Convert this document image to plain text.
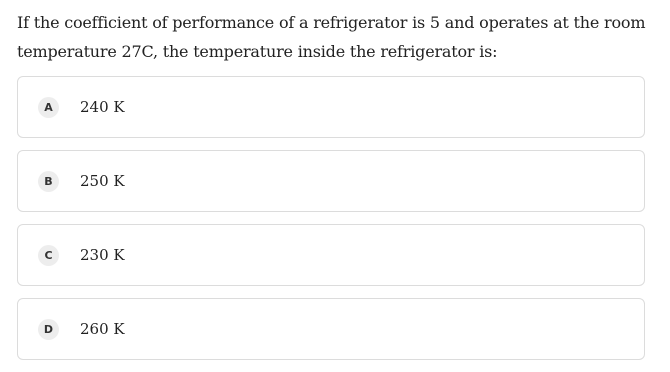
If the coefficient of performance of a refrigerator is 5 and operates at the room temperature 27C, the temperature inside the refrigerator is:
A	240 K
B	250 K
C	230 K
D	260 K
